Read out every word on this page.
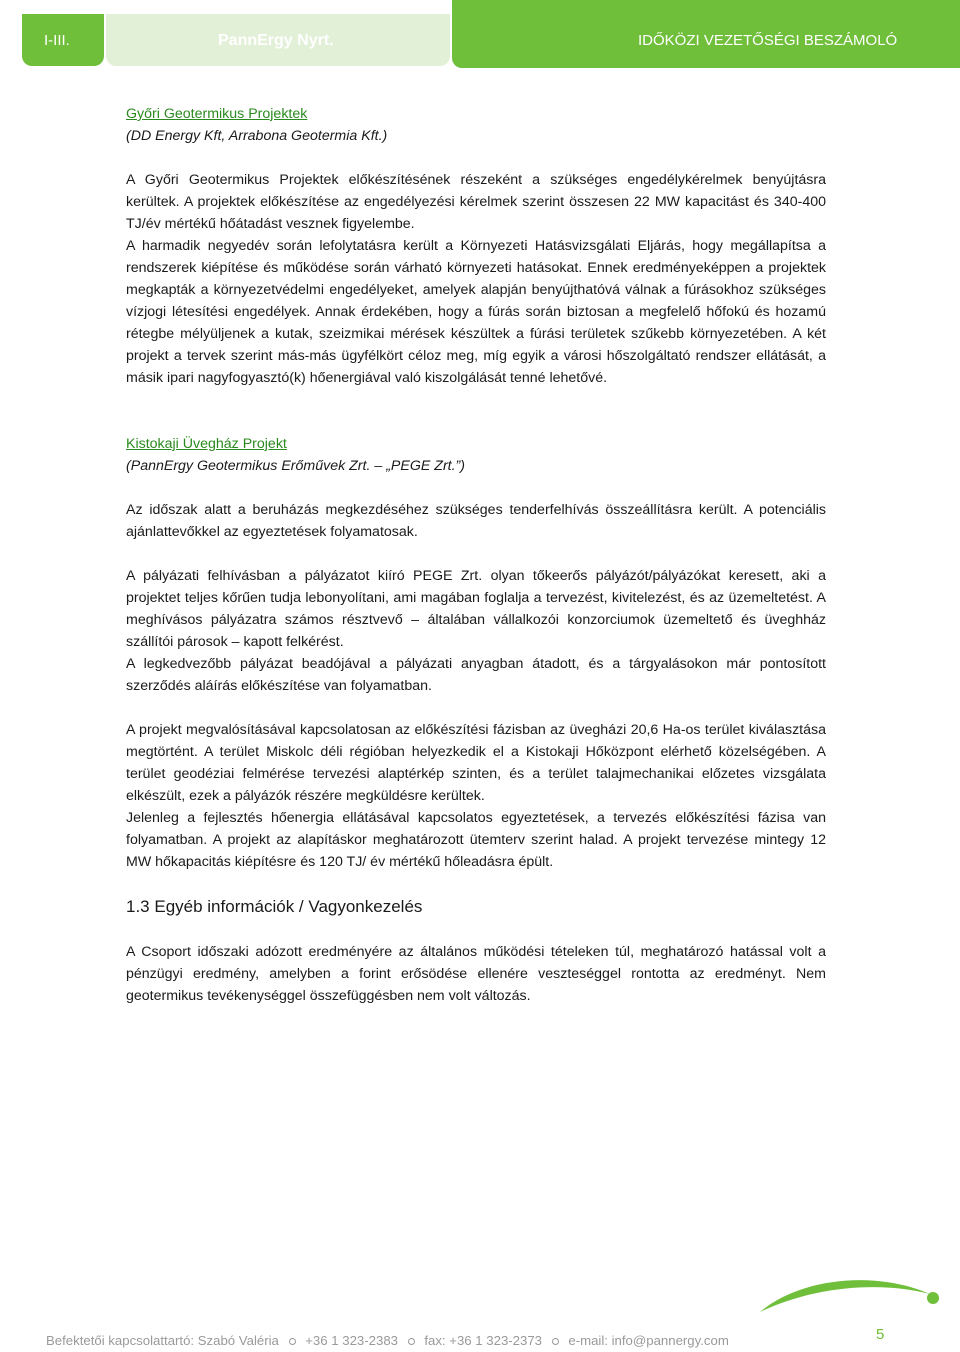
I-III.	PannErgy Nyrt.	IDŐKÖZI VEZETŐSÉGI BESZÁMOLÓ

Győri Geotermikus Projektek

(DD Energy Kft, Arrabona Geotermia Kft.)

A Győri Geotermikus Projektek előkészítésének részeként a szükséges engedélykérelmek benyújtásra kerültek. A projektek előkészítése az engedélyezési kérelmek szerint összesen 22 MW kapacitást és 340-400 TJ/év mértékű hőátadást vesznek figyelembe.

A harmadik negyedév során lefolytatásra került a Környezeti Hatásvizsgálati Eljárás, hogy megállapítsa a rendszerek kiépítése és működése során várható környezeti hatásokat. Ennek eredményeképpen a projektek megkapták a környezetvédelmi engedélyeket, amelyek alapján benyújthatóvá válnak a fúrásokhoz szükséges vízjogi létesítési engedélyek. Annak érdekében, hogy a fúrás során biztosan a megfelelő hőfokú és hozamú rétegbe mélyüljenek a kutak, szeizmikai mérések készültek a fúrási területek szűkebb környezetében. A két projekt a tervek szerint más-más ügyfélkört céloz meg, míg egyik a városi hőszolgáltató rendszer ellátását, a másik ipari nagyfogyasztó(k) hőenergiával való kiszolgálását tenné lehetővé.

Kistokaji Üvegház Projekt

(PannErgy Geotermikus Erőművek Zrt. – „PEGE Zrt.”)

Az időszak alatt a beruházás megkezdéséhez szükséges tenderfelhívás összeállításra került. A potenciális ajánlattevőkkel az egyeztetések folyamatosak.

A pályázati felhívásban a pályázatot kiíró PEGE Zrt. olyan tőkeerős pályázót/pályázókat keresett, aki a projektet teljes kőrűen tudja lebonyolítani, ami magában foglalja a tervezést, kivitelezést, és az üzemeltetést. A meghívásos pályázatra számos résztvevő – általában vállalkozói konzorciumok üzemeltető és üveghház szállítói párosok – kapott felkérést.

A legkedvezőbb pályázat beadójával a pályázati anyagban átadott, és a tárgyalásokon már pontosított szerződés aláírás előkészítése van folyamatban.

A projekt megvalósításával kapcsolatosan az előkészítési fázisban az üvegházi 20,6 Ha-os terület kiválasztása megtörtént. A terület Miskolc déli régióban helyezkedik el a Kistokaji Hőközpont elérhető közelségében. A terület geodéziai felmérése tervezési alaptérkép szinten, és a terület talajmechanikai előzetes vizsgálata elkészült, ezek a pályázók részére megküldésre kerültek.

Jelenleg a fejlesztés hőenergia ellátásával kapcsolatos egyeztetések, a tervezés előkészítési fázisa van folyamatban. A projekt az alapításkor meghatározott ütemterv szerint halad. A projekt tervezése mintegy 12 MW hőkapacitás kiépítésre és 120 TJ/ év mértékű hőleadásra épült.

1.3 Egyéb információk / Vagyonkezelés

A Csoport időszaki adózott eredményére az általános működési tételeken túl, meghatározó hatással volt a pénzügyi eredmény, amelyben a forint erősödése ellenére veszteséggel rontotta az eredményt. Nem geotermikus tevékenységgel összefüggésben nem volt változás.

Befektetői kapcsolattartó: Szabó Valéria +36 1 323-2383 fax: +36 1 323-2373 e-mail: info@pannergy.com	5
